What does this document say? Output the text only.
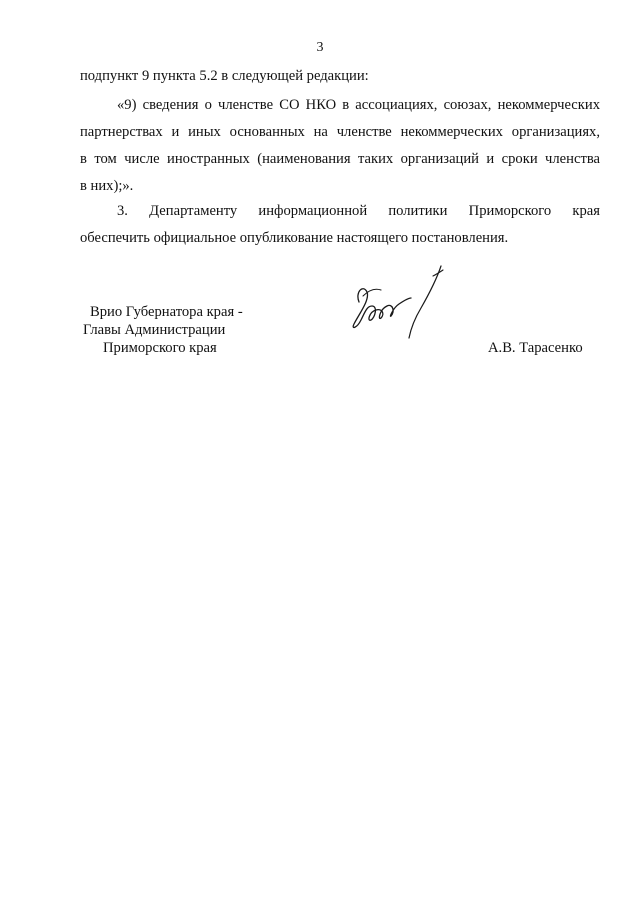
3
подпункт 9 пункта 5.2 в следующей редакции:
«9) сведения о членстве СО НКО в ассоциациях, союзах, некоммерческих
партнерствах и иных основанных на членстве некоммерческих организациях,
в том числе иностранных (наименования таких организаций и сроки членства
в них);».
3. Департаменту информационной политики Приморского края
обеспечить официальное опубликование настоящего постановления.
Врио Губернатора края -
Главы Администрации
Приморского края	А.В. Тарасенко
